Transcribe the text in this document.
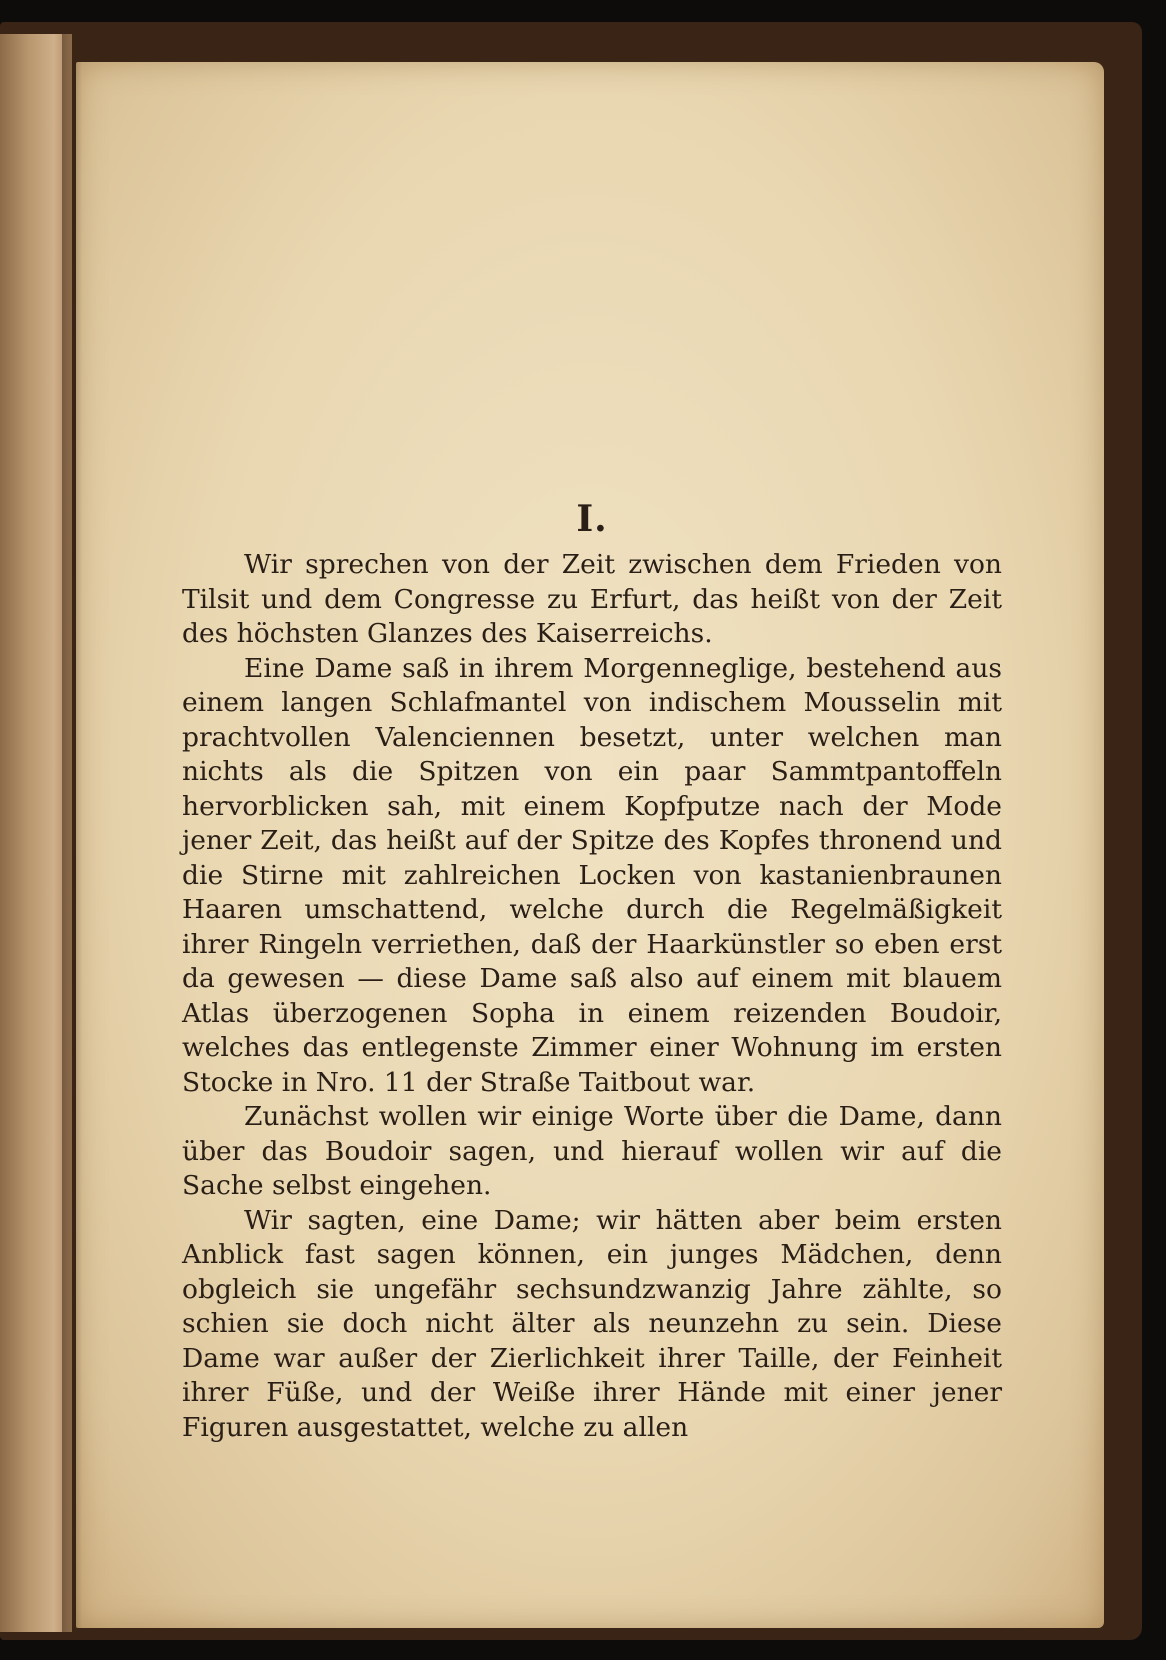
I.

Wir sprechen von der Zeit zwischen dem Frieden von Tilsit und dem Congresse zu Erfurt, das heißt von der Zeit des höchsten Glanzes des Kaiserreichs.

Eine Dame saß in ihrem Morgenneglige, bestehend aus einem langen Schlafmantel von indischem Mousselin mit prachtvollen Valenciennen besetzt, unter welchen man nichts als die Spitzen von ein paar Sammtpantoffeln hervorblicken sah, mit einem Kopfputze nach der Mode jener Zeit, das heißt auf der Spitze des Kopfes thronend und die Stirne mit zahlreichen Locken von kastanienbraunen Haaren umschattend, welche durch die Regelmäßigkeit ihrer Ringeln verriethen, daß der Haarkünstler so eben erst da gewesen — diese Dame saß also auf einem mit blauem Atlas überzogenen Sopha in einem reizenden Boudoir, welches das entlegenste Zimmer einer Wohnung im ersten Stocke in Nro. 11 der Straße Taitbout war.

Zunächst wollen wir einige Worte über die Dame, dann über das Boudoir sagen, und hierauf wollen wir auf die Sache selbst eingehen.

Wir sagten, eine Dame; wir hätten aber beim ersten Anblick fast sagen können, ein junges Mädchen, denn obgleich sie ungefähr sechsundzwanzig Jahre zählte, so schien sie doch nicht älter als neunzehn zu sein. Diese Dame war außer der Zierlichkeit ihrer Taille, der Feinheit ihrer Füße, und der Weiße ihrer Hände mit einer jener Figuren ausgestattet, welche zu allen
